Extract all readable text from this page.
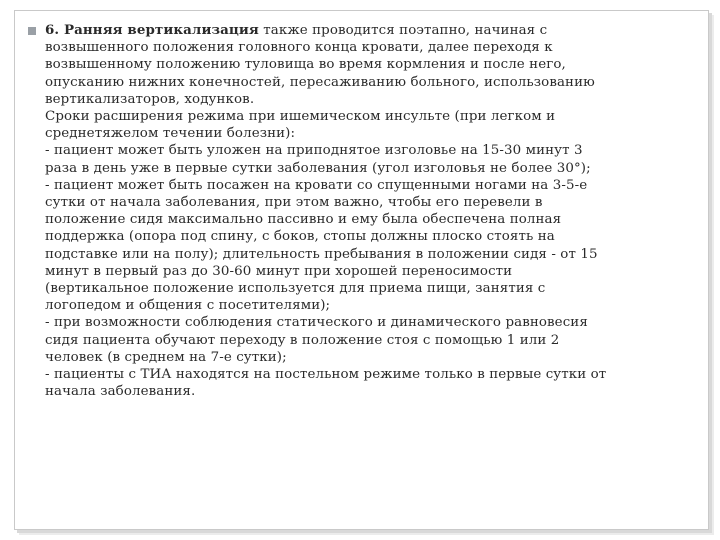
6. Ранняя вертикализация также проводится поэтапно, начиная с
возвышенного положения головного конца кровати, далее переходя к
возвышенному положению туловища во время кормления и после него,
опусканию нижних конечностей, пересаживанию больного, использованию
вертикализаторов, ходунков.
Сроки расширения режима при ишемическом инсульте (при легком и
среднетяжелом течении болезни):
- пациент может быть уложен на приподнятое изголовье на 15-30 минут 3
раза в день уже в первые сутки заболевания (угол изголовья не более 30°);
- пациент может быть посажен на кровати со спущенными ногами на 3-5-е
сутки от начала заболевания, при этом важно, чтобы его перевели в
положение сидя максимально пассивно и ему была обеспечена полная
поддержка (опора под спину, с боков, стопы должны плоско стоять на
подставке или на полу); длительность пребывания в положении сидя - от 15
минут в первый раз до 30-60 минут при хорошей переносимости
(вертикальное положение используется для приема пищи, занятия с
логопедом и общения с посетителями);
- при возможности соблюдения статического и динамического равновесия
сидя пациента обучают переходу в положение стоя с помощью 1 или 2
человек (в среднем на 7-е сутки);
- пациенты с ТИА находятся на постельном режиме только в первые сутки от
начала заболевания.
